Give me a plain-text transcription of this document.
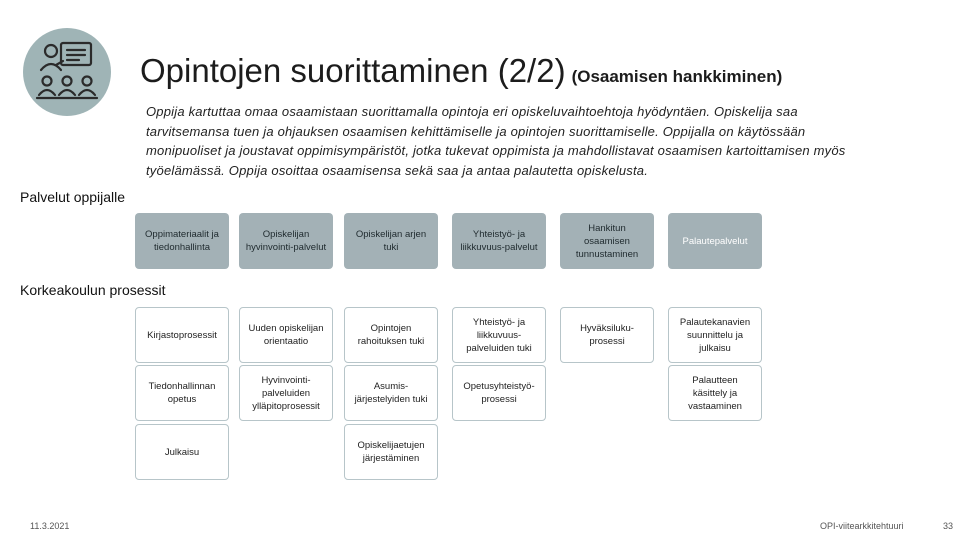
Opintojen suorittaminen (2/2) (Osaamisen hankkiminen)
Oppija kartuttaa omaa osaamistaan suorittamalla opintoja eri opiskeluvaihtoehtoja hyödyntäen. Opiskelija saa tarvitsemansa tuen ja ohjauksen osaamisen kehittämiselle ja opintojen suorittamiselle. Oppijalla on käytössään monipuoliset ja joustavat oppimisympäristöt, jotka tukevat oppimista ja mahdollistavat osaamisen kartoittamisen myös työelämässä. Oppija osoittaa osaamisensa sekä saa ja antaa palautetta opiskelusta.
Palvelut oppijalle
Korkeakoulun prosessit
Oppimateriaalit ja tiedonhallinta
Opiskelijan hyvinvointi-palvelut
Opiskelijan arjen tuki
Yhteistyö- ja liikkuvuus-palvelut
Hankitun osaamisen tunnustaminen
Palautepalvelut
Kirjastoprosessit
Uuden opiskelijan orientaatio
Opintojen rahoituksen tuki
Yhteistyö- ja liikkuvuus-palveluiden tuki
Hyväksiluku-prosessi
Palautekanavien suunnittelu ja julkaisu
Tiedonhallinnan opetus
Hyvinvointi-palveluiden ylläpitoprosessit
Asumis-järjestelyiden tuki
Opetusyhteistyö-prosessi
Palautteen käsittely ja vastaaminen
Julkaisu
Opiskelijaetujen järjestäminen
11.3.2021	OPI-viitearkkitehtuuri	33
